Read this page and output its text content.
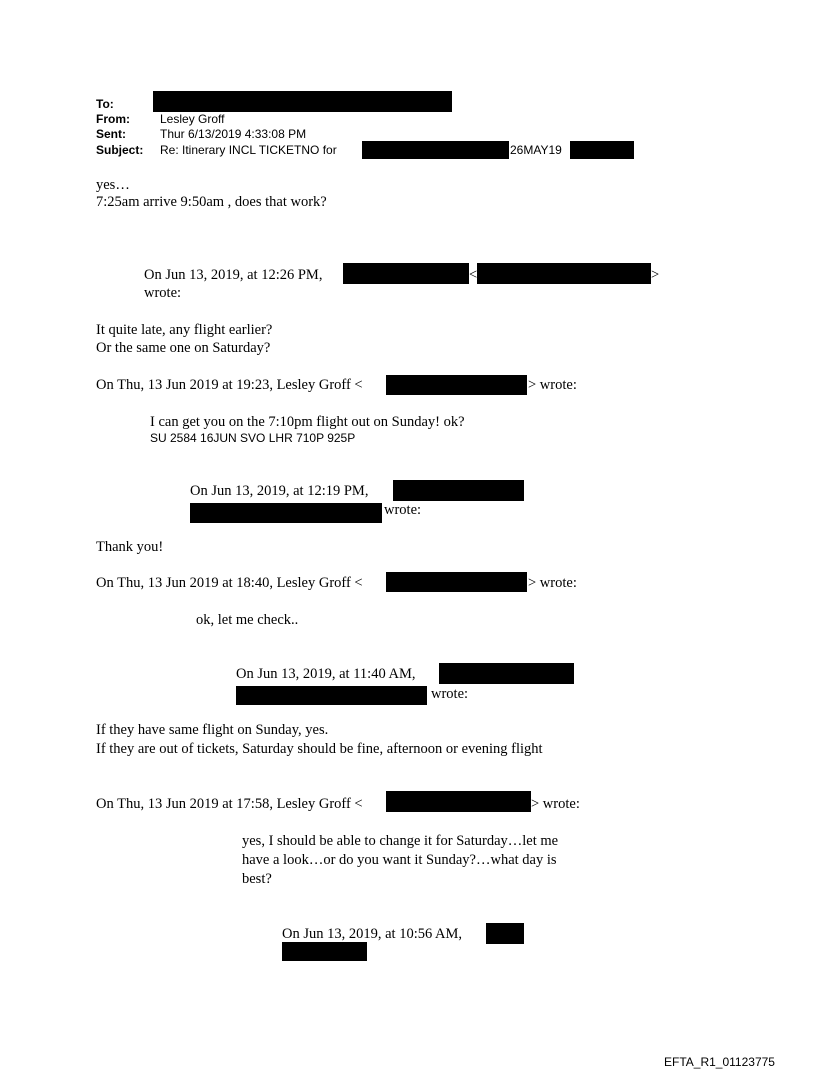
To:
From:	Lesley Groff
Sent:	Thur 6/13/2019 4:33:08 PM
Subject: Re: Itinerary INCL TICKETNO for	26MAY19
yes…
7:25am arrive 9:50am , does that work?
On Jun 13, 2019, at 12:26 PM,	<	>
wrote:
It quite late, any flight earlier?
Or the same one on Saturday?
On Thu, 13 Jun 2019 at 19:23, Lesley Groff <	> wrote:
I can get you on the 7:10pm flight out on Sunday! ok?
SU 2584 16JUN SVO LHR 710P 925P
On Jun 13, 2019, at 12:19 PM,
wrote:
Thank you!
On Thu, 13 Jun 2019 at 18:40, Lesley Groff <	> wrote:
ok, let me check..
On Jun 13, 2019, at 11:40 AM,
wrote:
If they have same flight on Sunday, yes.
If they are out of tickets, Saturday should be fine, afternoon or evening flight
On Thu, 13 Jun 2019 at 17:58, Lesley Groff <	> wrote:
yes, I should be able to change it for Saturday…let me
have a look…or do you want it Sunday?…what day is
best?
On Jun 13, 2019, at 10:56 AM,
EFTA_R1_01123775
